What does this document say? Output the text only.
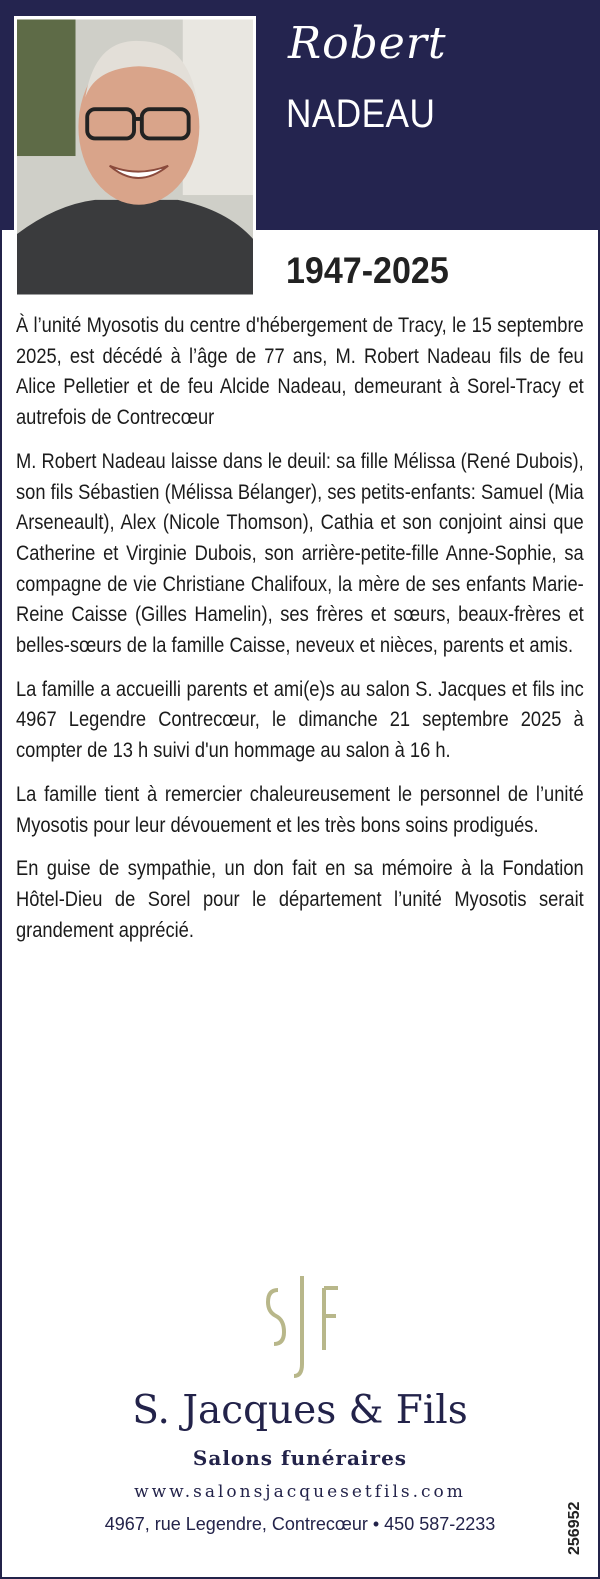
Robert
NADEAU
1947-2025

À l’unité Myosotis du centre d'hébergement de Tracy, le 15 septembre 2025, est décédé à l’âge de 77 ans, M. Robert Nadeau fils de feu Alice Pelletier et de feu Alcide Nadeau, demeurant à Sorel-Tracy et autrefois de Contrecœur

M. Robert Nadeau laisse dans le deuil: sa fille Mélissa (René Dubois), son fils Sébastien (Mélissa Bélanger), ses petits-enfants: Samuel (Mia Arseneault), Alex (Nicole Thomson), Cathia et son conjoint ainsi que Catherine et Virginie Dubois, son arrière-petite-fille Anne-Sophie, sa compagne de vie Christiane Chalifoux, la mère de ses enfants Marie-Reine Caisse (Gilles Hamelin), ses frères et sœurs, beaux-frères et belles-sœurs de la famille Caisse, neveux et nièces, parents et amis.

La famille a accueilli parents et ami(e)s au salon S. Jacques et fils inc 4967 Legendre Contrecœur, le dimanche 21 septembre 2025 à compter de 13 h suivi d'un hommage au salon à 16 h.

La famille tient à remercier chaleureusement le personnel de l’unité Myosotis pour leur dévouement et les très bons soins prodigués.

En guise de sympathie, un don fait en sa mémoire à la Fondation Hôtel-Dieu de Sorel pour le département l’unité Myosotis serait grandement apprécié.

S. Jacques & Fils
Salons funéraires
www.salonsjacquesetfils.com
4967, rue Legendre, Contrecœur • 450 587-2233	256952
